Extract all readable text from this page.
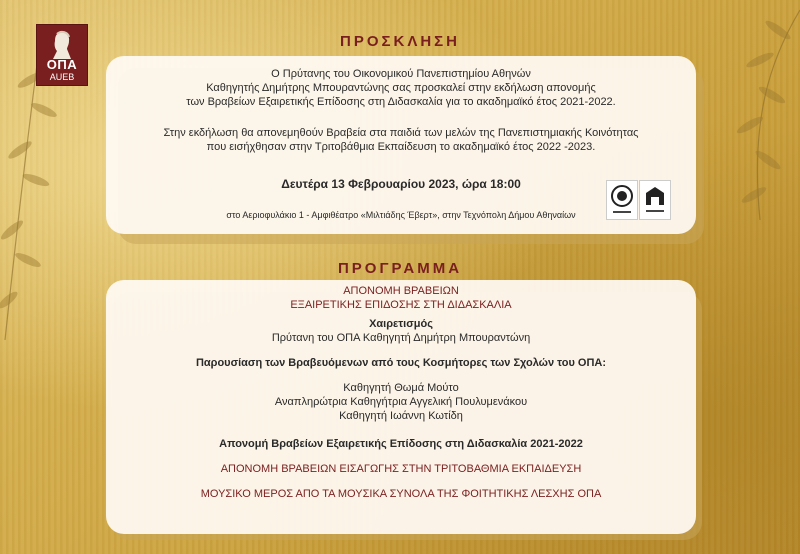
ΟΠΑ
AUEB
ΠΡΟΣΚΛΗΣΗ

Ο Πρύτανης του Οικονομικού Πανεπιστημίου Αθηνών

Καθηγητής Δημήτρης Μπουραντώνης σας προσκαλεί στην εκδήλωση απονομής

των Βραβείων Εξαιρετικής Επίδοσης στη Διδασκαλία για το ακαδημαϊκό έτος 2021-2022.

Στην εκδήλωση θα απονεμηθούν Βραβεία στα παιδιά των μελών της Πανεπιστημιακής Κοινότητας

που εισήχθησαν στην Τριτοβάθμια Εκπαίδευση το ακαδημαϊκό έτος 2022 -2023.

Δευτέρα 13 Φεβρουαρίου 2023, ώρα 18:00

στο Αεριοφυλάκιο 1 - Αμφιθέατρο «Μιλτιάδης Έβερτ», στην Τεχνόπολη Δήμου Αθηναίων

ΠΡΟΓΡΑΜΜΑ

ΑΠΟΝΟΜΗ ΒΡΑΒΕΙΩΝ

ΕΞΑΙΡΕΤΙΚΗΣ ΕΠΙΔΟΣΗΣ ΣΤΗ ΔΙΔΑΣΚΑΛΙΑ

Χαιρετισμός

Πρύτανη του ΟΠΑ Καθηγητή Δημήτρη Μπουραντώνη

Παρουσίαση των Βραβευόμενων από τους Κοσμήτορες των Σχολών του ΟΠΑ:

Καθηγητή Θωμά Μούτο

Αναπληρώτρια Καθηγήτρια Αγγελική Πουλυμενάκου

Καθηγητή Ιωάννη Κωτίδη

Απονομή Βραβείων Εξαιρετικής Επίδοσης στη Διδασκαλία 2021-2022

ΑΠΟΝΟΜΗ ΒΡΑΒΕΙΩΝ ΕΙΣΑΓΩΓΗΣ ΣΤΗΝ ΤΡΙΤΟΒΑΘΜΙΑ ΕΚΠΑΙΔΕΥΣΗ

ΜΟΥΣΙΚΟ ΜΕΡΟΣ ΑΠΟ ΤΑ ΜΟΥΣΙΚΑ ΣΥΝΟΛΑ ΤΗΣ ΦΟΙΤΗΤΙΚΗΣ ΛΕΣΧΗΣ ΟΠΑ
